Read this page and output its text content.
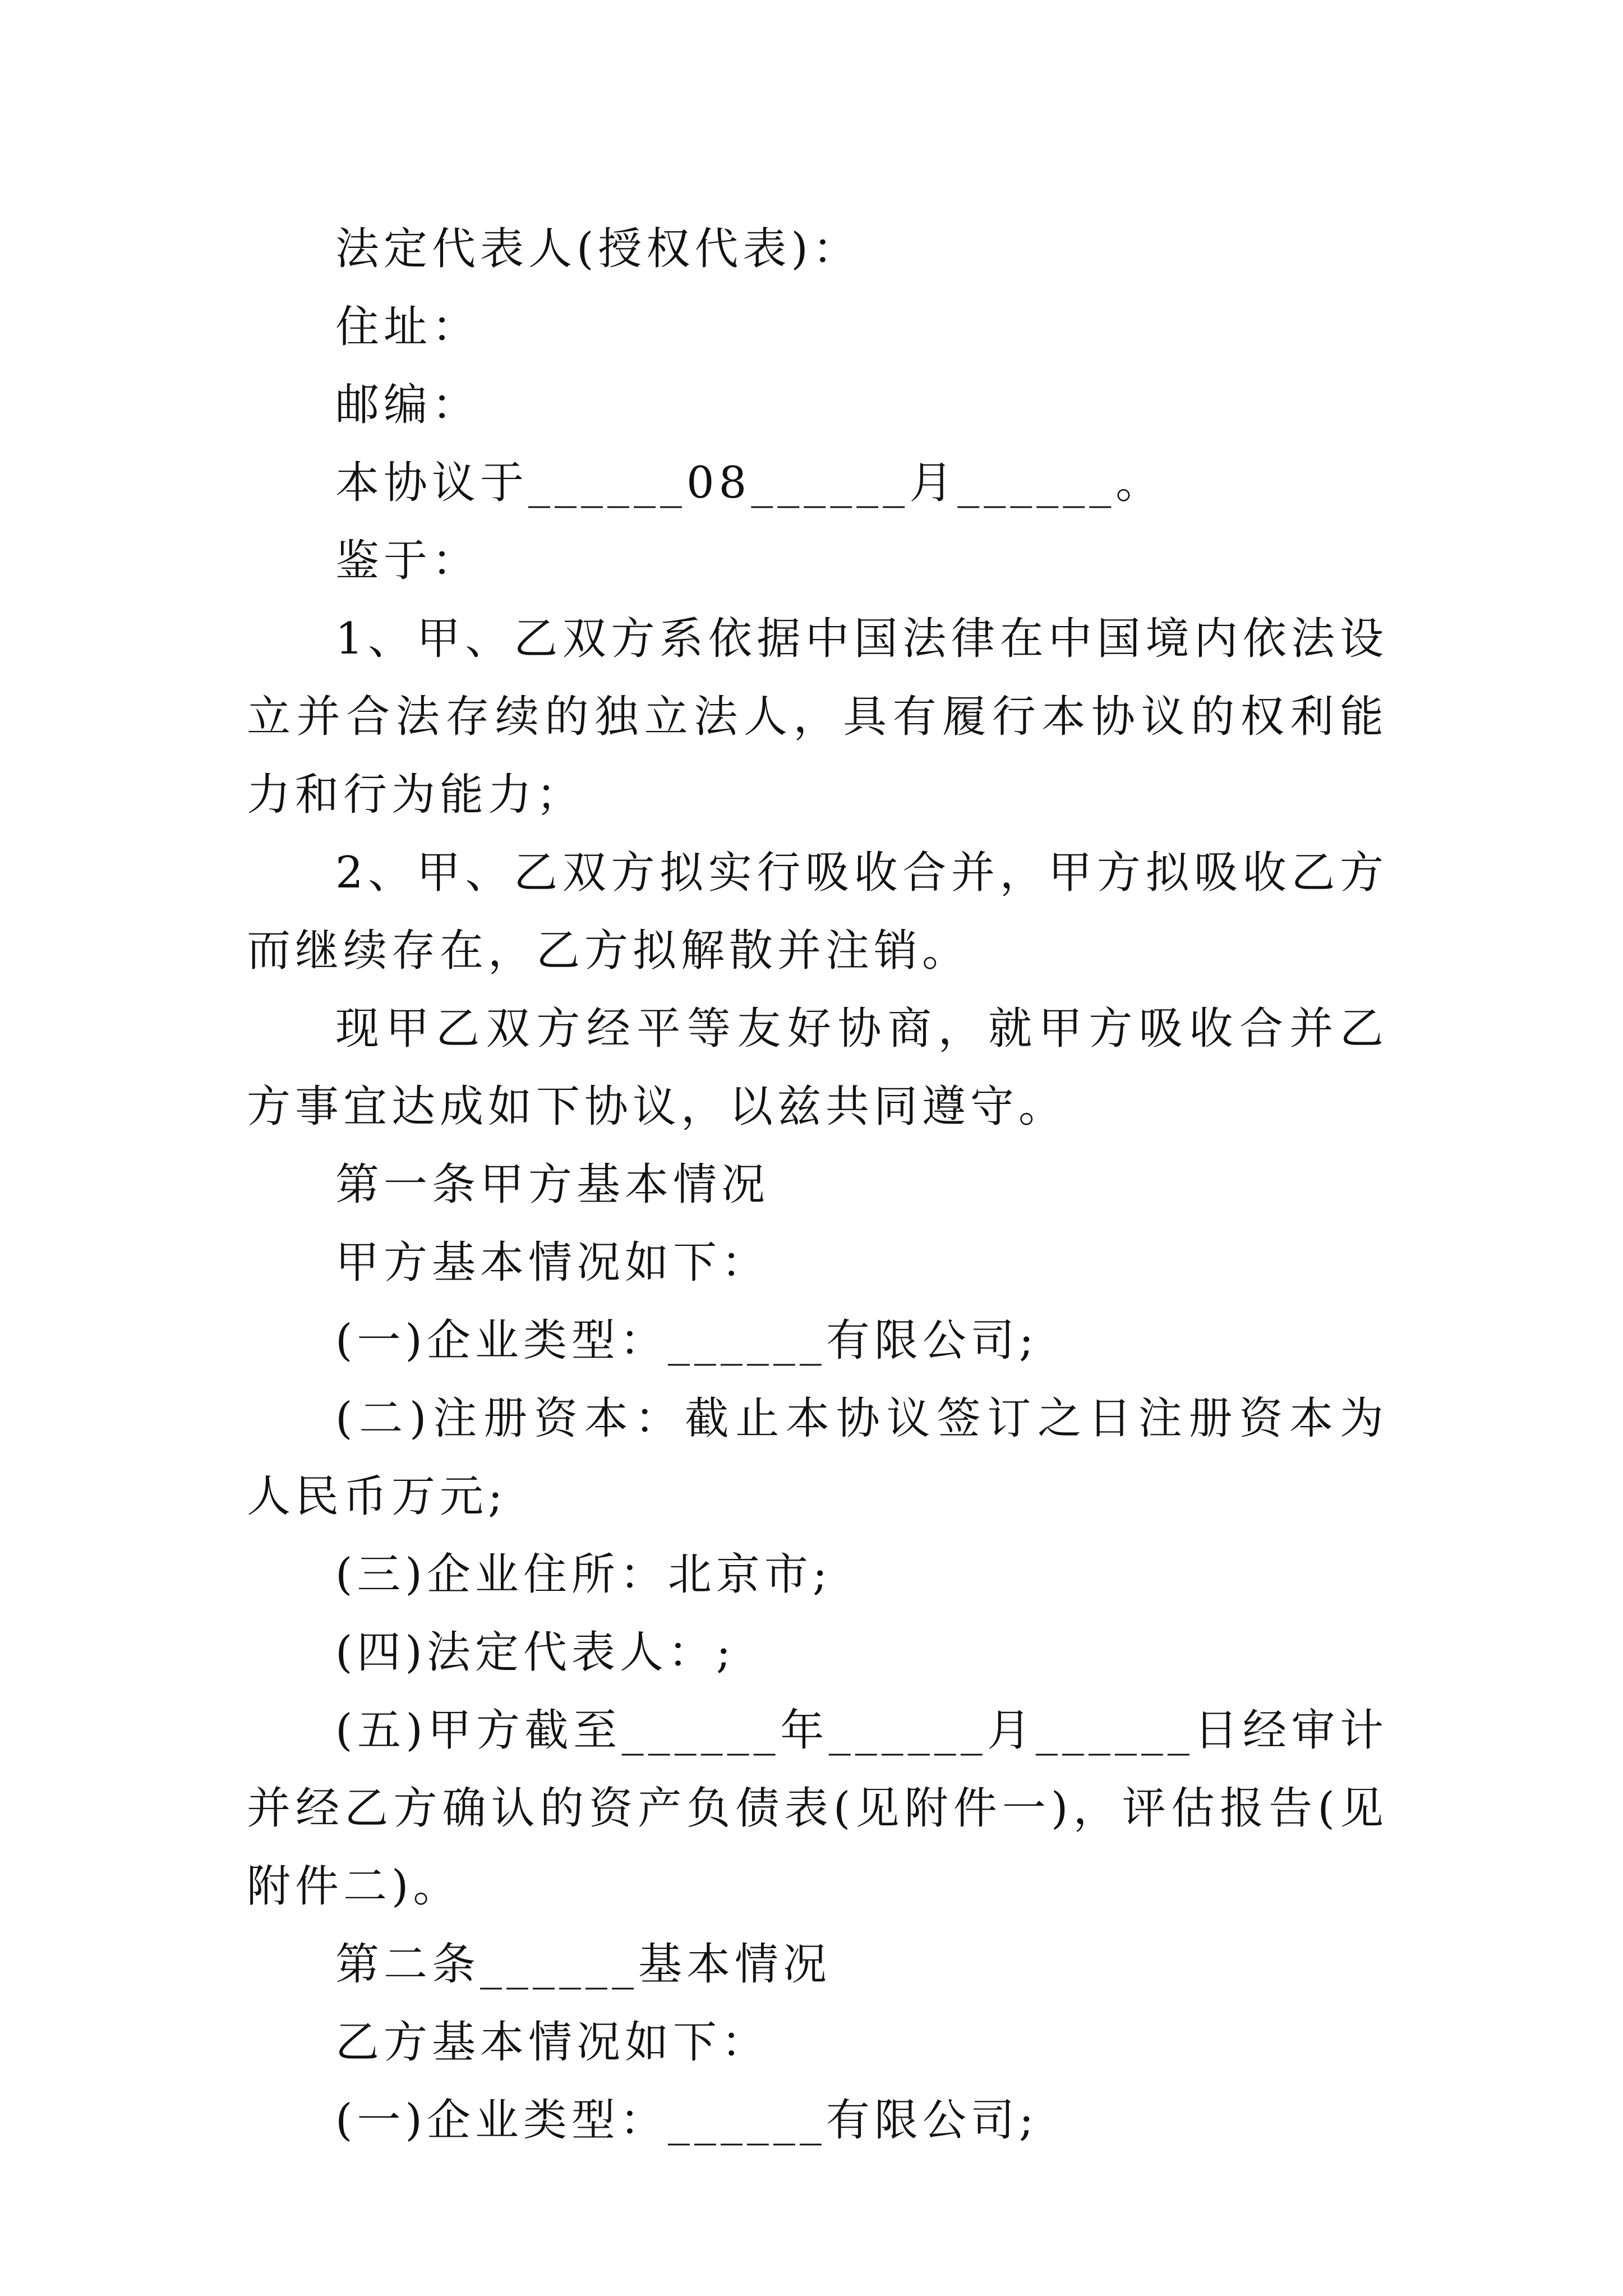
法定代表人(授权代表)：

住址：

邮编：

本协议于______08______月______。

鉴于：

1、甲、乙双方系依据中国法律在中国境内依法设立并合法存续的独立法人，具有履行本协议的权利能力和行为能力；

2、甲、乙双方拟实行吸收合并，甲方拟吸收乙方而继续存在，乙方拟解散并注销。

现甲乙双方经平等友好协商，就甲方吸收合并乙方事宜达成如下协议，以兹共同遵守。

第一条甲方基本情况

甲方基本情况如下：

(一)企业类型：______有限公司;

(二)注册资本：截止本协议签订之日注册资本为人民币万元;

(三)企业住所：北京市;

(四)法定代表人：;

(五)甲方截至______年______月______日经审计并经乙方确认的资产负债表(见附件一)，评估报告(见附件二)。

第二条______基本情况

乙方基本情况如下：

(一)企业类型：______有限公司;
